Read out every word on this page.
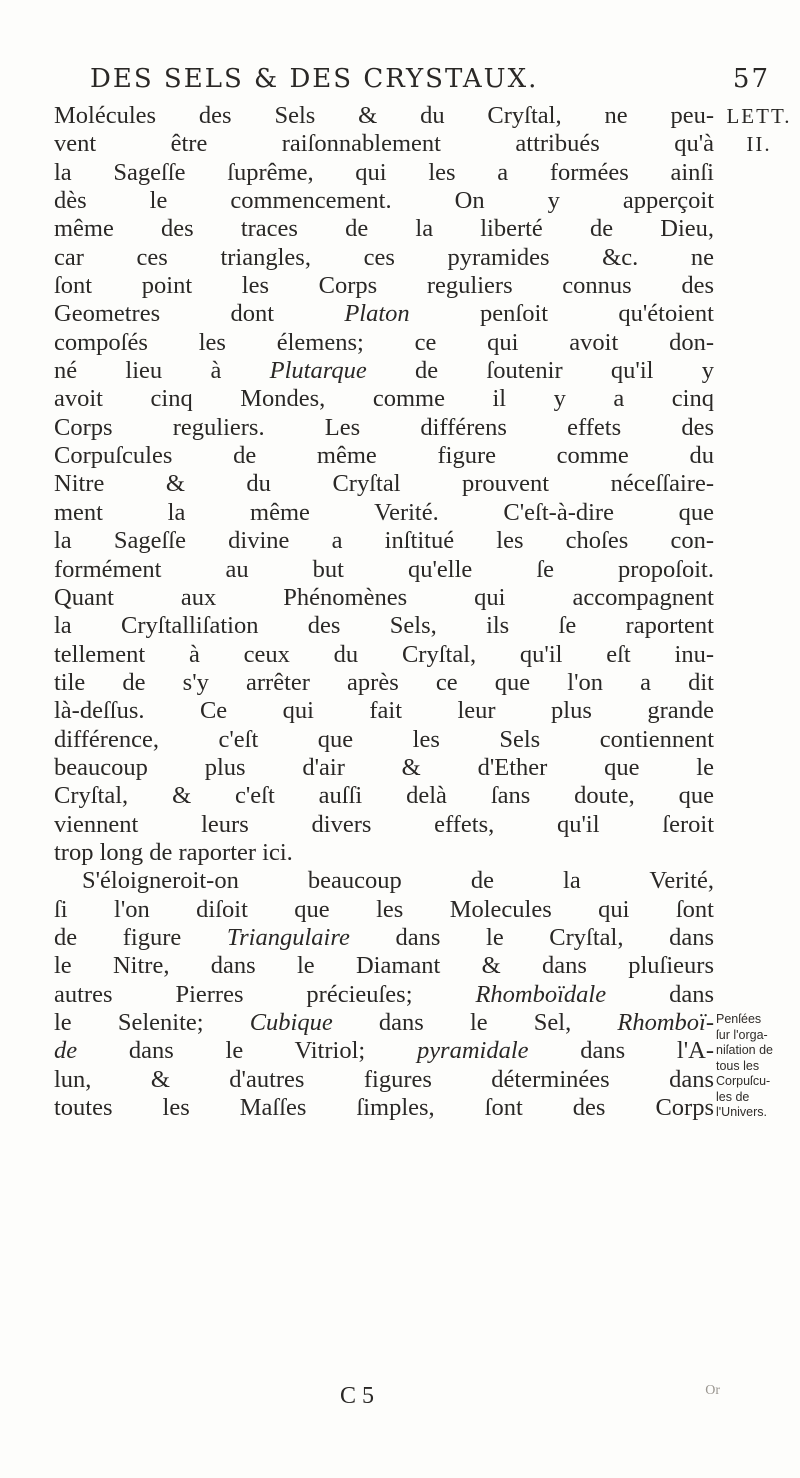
DES SELS & DES CRYSTAUX.	57
LETT.
II.
Molécules des Sels & du Cryſtal, ne peu-
vent être raiſonnablement attribués qu'à
la Sageſſe ſuprême, qui les a formées ainſi
dès le commencement. On y apperçoit
même des traces de la liberté de Dieu,
car ces triangles, ces pyramides &c. ne
ſont point les Corps reguliers connus des
Geometres dont Platon penſoit qu'étoient
compoſés les élemens; ce qui avoit don-
né lieu à Plutarque de ſoutenir qu'il y
avoit cinq Mondes, comme il y a cinq
Corps reguliers. Les différens effets des
Corpuſcules de même figure comme du
Nitre & du Cryſtal prouvent néceſſaire-
ment la même Verité. C'eſt-à-dire que
la Sageſſe divine a inſtitué les choſes con-
formément au but qu'elle ſe propoſoit.
Quant aux Phénomènes qui accompagnent
la Cryſtalliſation des Sels, ils ſe raportent
tellement à ceux du Cryſtal, qu'il eſt inu-
tile de s'y arrêter après ce que l'on a dit
là-deſſus. Ce qui fait leur plus grande
différence, c'eſt que les Sels contiennent
beaucoup plus d'air & d'Ether que le
Cryſtal, & c'eſt auſſi delà ſans doute, que
viennent leurs divers effets, qu'il ſeroit
trop long de raporter ici.
S'éloigneroit-on beaucoup de la Verité,
ſi l'on diſoit que les Molecules qui ſont
de figure Triangulaire dans le Cryſtal, dans
le Nitre, dans le Diamant & dans pluſieurs
autres Pierres précieuſes; Rhomboïdale dans
le Selenite; Cubique dans le Sel, Rhomboï-
de dans le Vitriol; pyramidale dans l'A-
lun, & d'autres figures déterminées dans
toutes les Maſſes ſimples, ſont des Corps
Penſées
ſur l'orga-
niſation de
tous les
Corpuſcu-
les de
l'Univers.
C 5	Or
